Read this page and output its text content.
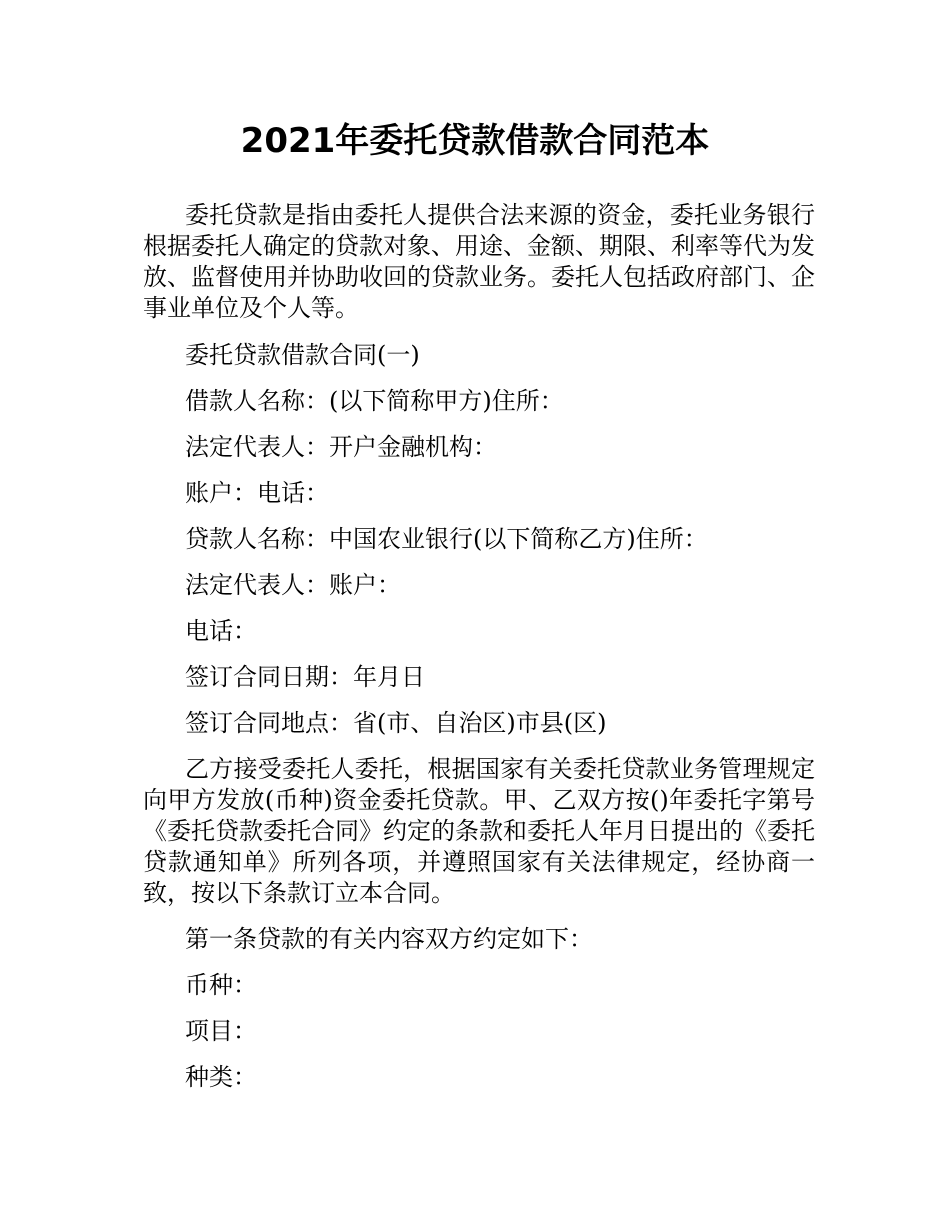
2021年委托贷款借款合同范本

委托贷款是指由委托人提供合法来源的资金，委托业务银行根据委托人确定的贷款对象、用途、金额、期限、利率等代为发放、监督使用并协助收回的贷款业务。委托人包括政府部门、企事业单位及个人等。

委托贷款借款合同(一)

借款人名称：(以下简称甲方)住所：

法定代表人：开户金融机构：

账户：电话：

贷款人名称：中国农业银行(以下简称乙方)住所：

法定代表人：账户：

电话：

签订合同日期：年月日

签订合同地点：省(市、自治区)市县(区)

乙方接受委托人委托，根据国家有关委托贷款业务管理规定向甲方发放(币种)资金委托贷款。甲、乙双方按()年委托字第号《委托贷款委托合同》约定的条款和委托人年月日提出的《委托贷款通知单》所列各项，并遵照国家有关法律规定，经协商一致，按以下条款订立本合同。

第一条贷款的有关内容双方约定如下：

币种：

项目：

种类：
